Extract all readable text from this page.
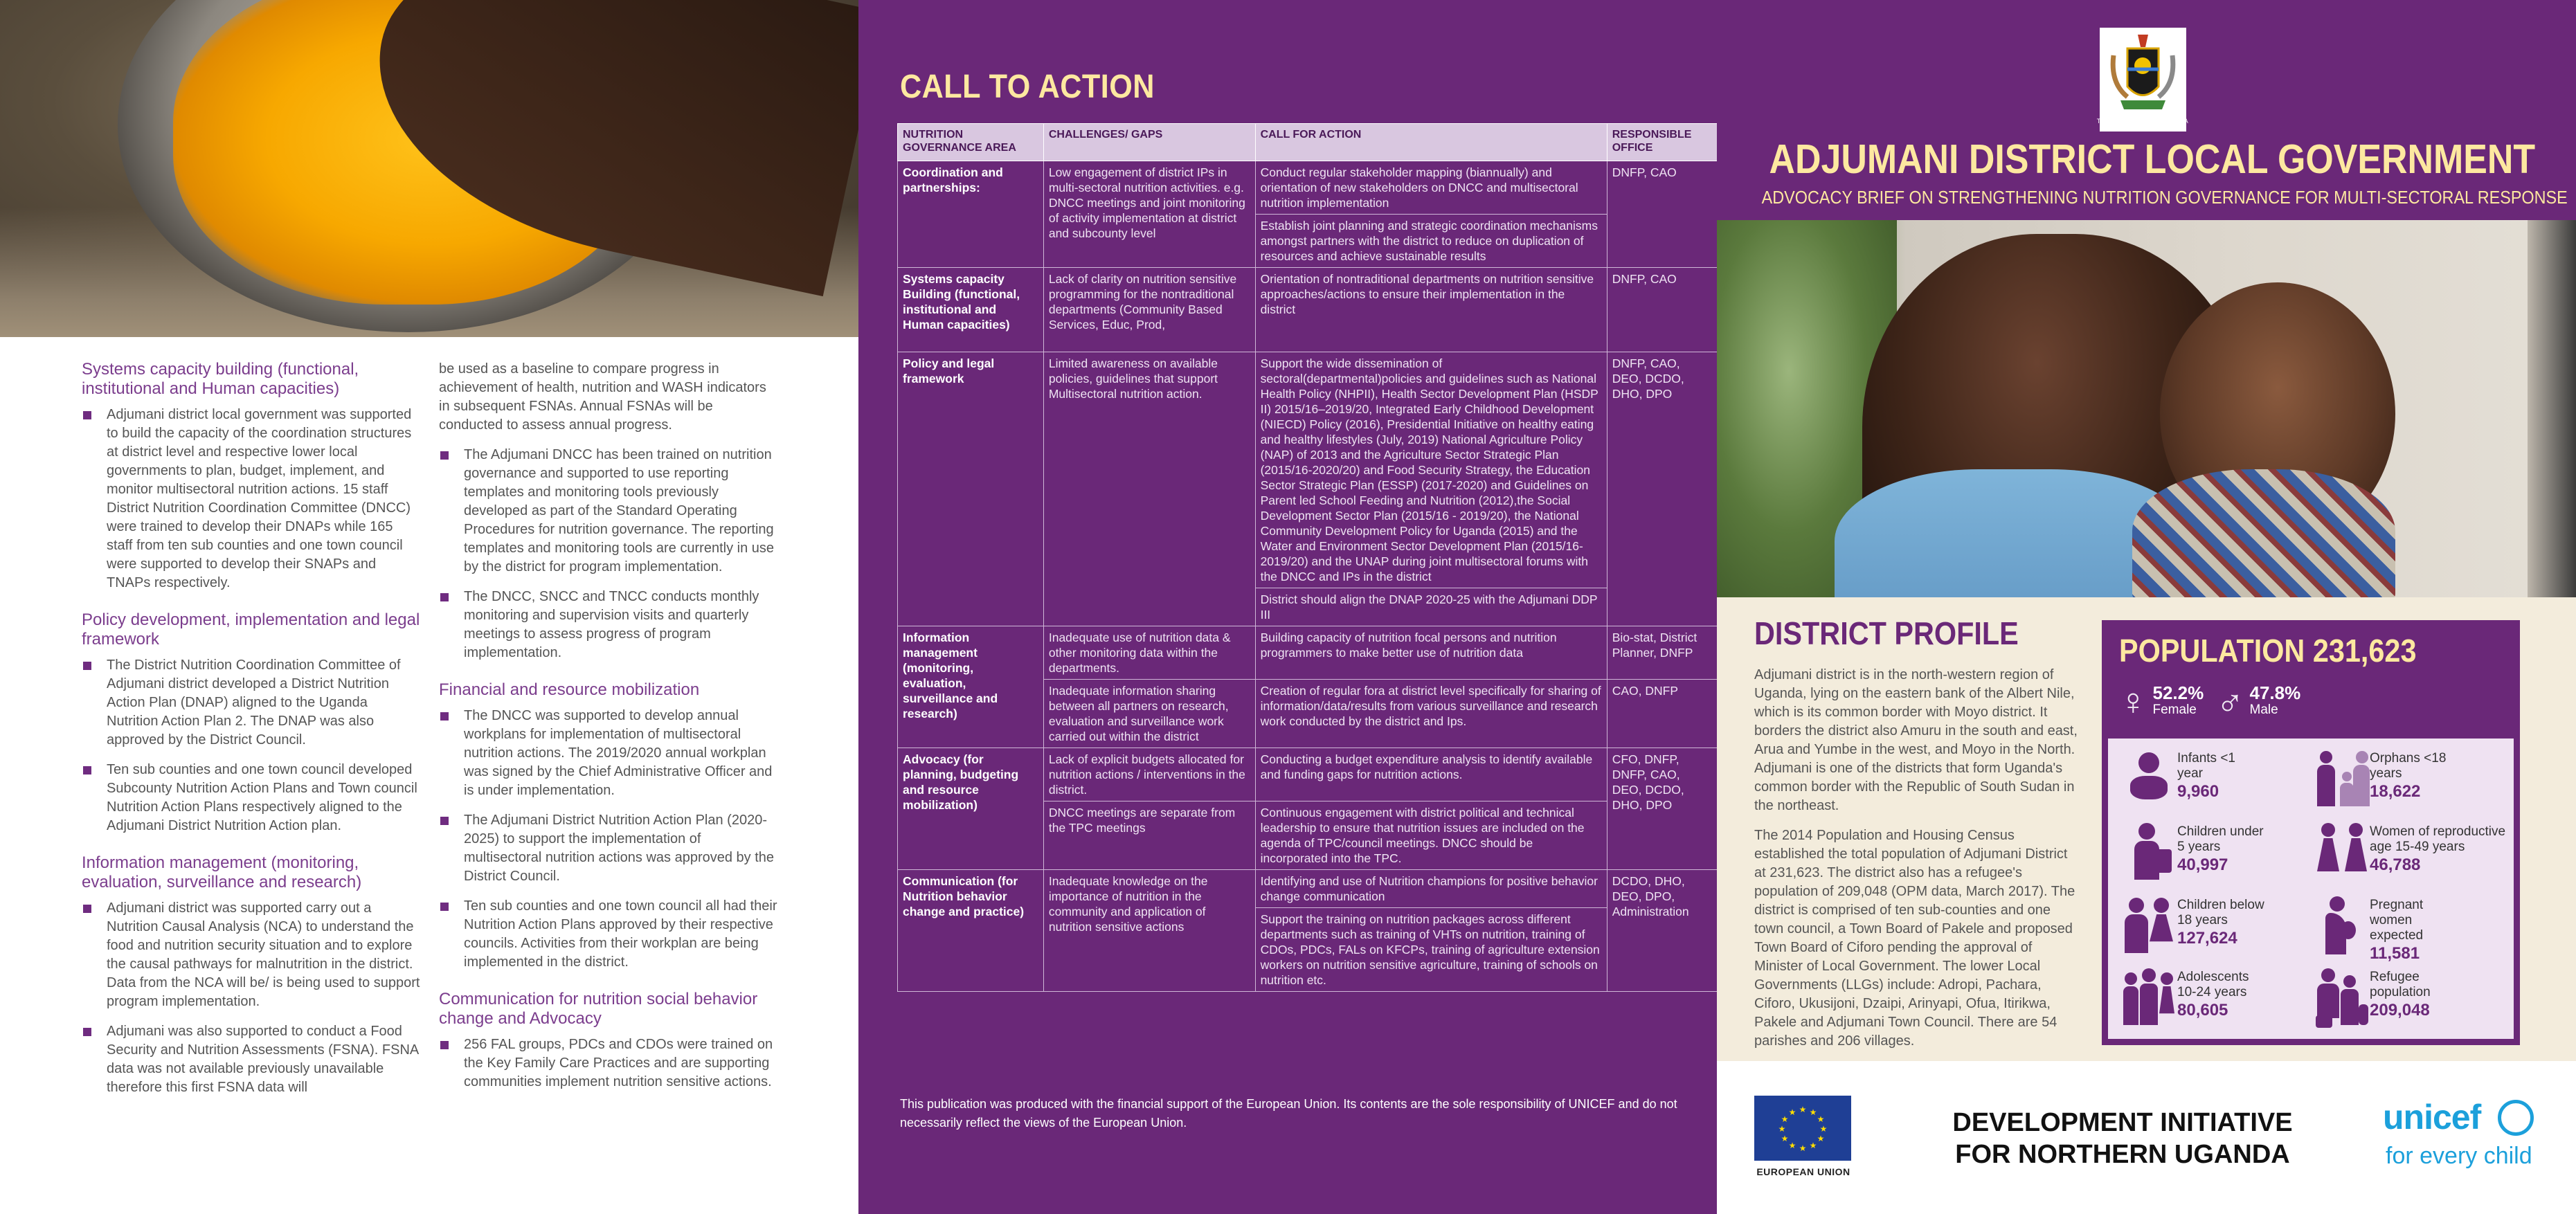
Systems capacity building (functional, institutional and Human capacities)

Adjumani district local government was supported to build the capacity of the coordination structures at district level and respective lower local governments to plan, budget, implement, and monitor multisectoral nutrition actions. 15 staff District Nutrition Coordination Committee (DNCC) were trained to develop their DNAPs while 165 staff from ten sub counties and one town council were supported to develop their SNAPs and TNAPs respectively.

Policy development, implementation and legal framework

The District Nutrition Coordination Committee of Adjumani district developed a District Nutrition Action Plan (DNAP) aligned to the Uganda Nutrition Action Plan 2. The DNAP was also approved by the District Council.

Ten sub counties and one town council developed Subcounty Nutrition Action Plans and Town council Nutrition Action Plans respectively aligned to the Adjumani District Nutrition Action plan.

Information management (monitoring, evaluation, surveillance and research)

Adjumani district was supported carry out a Nutrition Causal Analysis (NCA) to understand the food and nutrition security situation and to explore the causal pathways for malnutrition in the district. Data from the NCA will be/ is being used to support program implementation.

Adjumani was also supported to conduct a Food Security and Nutrition Assessments (FSNA). FSNA data was not available previously unavailable therefore this first FSNA data will

be used as a baseline to compare progress in achievement of health, nutrition and WASH indicators in subsequent FSNAs. Annual FSNAs will be conducted to assess annual progress.

The Adjumani DNCC has been trained on nutrition governance and supported to use reporting templates and monitoring tools previously developed as part of the Standard Operating Procedures for nutrition governance. The reporting templates and monitoring tools are currently in use by the district for program implementation.

The DNCC, SNCC and TNCC conducts monthly monitoring and supervision visits and quarterly meetings to assess progress of program implementation.

Financial and resource mobilization

The DNCC was supported to develop annual workplans for implementation of multisectoral nutrition actions. The 2019/2020 annual workplan was signed by the Chief Administrative Officer and is under implementation.

The Adjumani District Nutrition Action Plan (2020-2025) to support the implementation of multisectoral nutrition actions was approved by the District Council.

Ten sub counties and one town council all had their Nutrition Action Plans approved by their respective councils. Activities from their workplan are being implemented in the district.

Communication for nutrition social behavior change and Advocacy

256 FAL groups, PDCs and CDOs were trained on the Key Family Care Practices and are supporting communities implement nutrition sensitive actions.

CALL TO ACTION
NUTRITION GOVERNANCE AREA	CHALLENGES/ GAPS	CALL FOR ACTION	RESPONSIBLE OFFICE
Coordination and partnerships:	Low engagement of district IPs in multi-sectoral nutrition activities. e.g. DNCC meetings and joint monitoring of activity implementation at district and subcounty level	Conduct regular stakeholder mapping (biannually) and orientation of new stakeholders on DNCC and multisectoral nutrition implementation	DNFP, CAO
		Establish joint planning and strategic coordination mechanisms amongst partners with the district to reduce on duplication of resources and achieve sustainable results	
Systems capacity Building (functional, institutional and Human capacities)	Lack of clarity on nutrition sensitive programming for the nontraditional departments (Community Based Services, Educ, Prod,	Orientation of nontraditional departments on nutrition sensitive approaches/actions to ensure their implementation in the district	DNFP, CAO
Policy and legal framework	Limited awareness on available policies, guidelines that support Multisectoral nutrition action.	Support the wide dissemination of sectoral(departmental)policies and guidelines such as National Health Policy (NHPII), Health Sector Development Plan (HSDP II) 2015/16–2019/20, Integrated Early Childhood Development (NIECD) Policy (2016), Presidential Initiative on healthy eating and healthy lifestyles (July, 2019) National Agriculture Policy (NAP) of 2013 and the Agriculture Sector Strategic Plan (2015/16-2020/20) and Food Security Strategy, the Education Sector Strategic Plan (ESSP) (2017-2020) and Guidelines on Parent led School Feeding and Nutrition (2012),the Social Development Sector Plan (2015/16 - 2019/20), the National Community Development Policy for Uganda (2015) and the Water and Environment Sector Development Plan (2015/16-2019/20) and the UNAP during joint multisectoral forums with the DNCC and IPs in the district	DNFP, CAO, DEO, DCDO, DHO, DPO
		District should align the DNAP 2020-25 with the Adjumani DDP III	
Information management (monitoring, evaluation, surveillance and research)	Inadequate use of nutrition data & other monitoring data within the departments.	Building capacity of nutrition focal persons and nutrition programmers to make better use of nutrition data	Bio-stat, District Planner, DNFP
	Inadequate information sharing between all partners on research, evaluation and surveillance work carried out within the district	Creation of regular fora at district level specifically for sharing of information/data/results from various surveillance and research work conducted by the district and Ips.	CAO, DNFP
Advocacy (for planning, budgeting and resource mobilization)	Lack of explicit budgets allocated for nutrition actions / interventions in the district.	Conducting a budget expenditure analysis to identify available and funding gaps for nutrition actions.	CFO, DNFP, DNFP, CAO, DEO, DCDO, DHO, DPO
	DNCC meetings are separate from the TPC meetings	Continuous engagement with district political and technical leadership to ensure that nutrition issues are included on the agenda of TPC/council meetings. DNCC should be incorporated into the TPC.	
Communication (for Nutrition behavior change and practice)	Inadequate knowledge on the importance of nutrition in the community and application of nutrition sensitive actions	Identifying and use of Nutrition champions for positive behavior change communication	DCDO, DHO, DEO, DPO, Administration
		Support the training on nutrition packages across different departments such as training of VHTs on nutrition, training of CDOs, PDCs, FALs on KFCPs, training of agriculture extension workers on nutrition sensitive agriculture, training of schools on nutrition etc.	

This publication was produced with the financial support of the European Union. Its contents are the sole responsibility of UNICEF and do not necessarily reflect the views of the European Union.

THE REPUBLIC OF UGANDA
ADJUMANI DISTRICT LOCAL GOVERNMENT
ADVOCACY BRIEF ON STRENGTHENING NUTRITION GOVERNANCE FOR MULTI-SECTORAL RESPONSE
DISTRICT PROFILE

Adjumani district is in the north-western region of Uganda, lying on the eastern bank of the Albert Nile, which is its common border with Moyo district. It borders the district also Amuru in the south and east, Arua and Yumbe in the west, and Moyo in the North. Adjumani is one of the districts that form Uganda's common border with the Republic of South Sudan in the northeast.

The 2014 Population and Housing Census established the total population of Adjumani District at 231,623. The district also has a refugee's population of 209,048 (OPM data, March 2017). The district is comprised of ten sub-counties and one town council, a Town Board of Pakele and proposed Town Board of Ciforo pending the approval of Minister of Local Government. The lower Local Governments (LLGs) include: Adropi, Pachara, Ciforo, Ukusijoni, Dzaipi, Arinyapi, Ofua, Itirikwa, Pakele and Adjumani Town Council. There are 54 parishes and 206 villages.

POPULATION 231,623
♀ 52.2%
Female ♂ 47.8%
Male
Infants <1 year
9,960
Orphans <18 years
18,622
Children under 5 years
40,997
Women of reproductive age 15-49 years
46,788
Children below 18 years
127,624
Pregnant women expected
11,581
Adolescents 10-24 years
80,605
Refugee population
209,048
★ ★
★
★
★
★
★
★
★
★
★
★
EUROPEAN UNION
DEVELOPMENT INITIATIVE FOR NORTHERN UGANDA
unicef
for every child
